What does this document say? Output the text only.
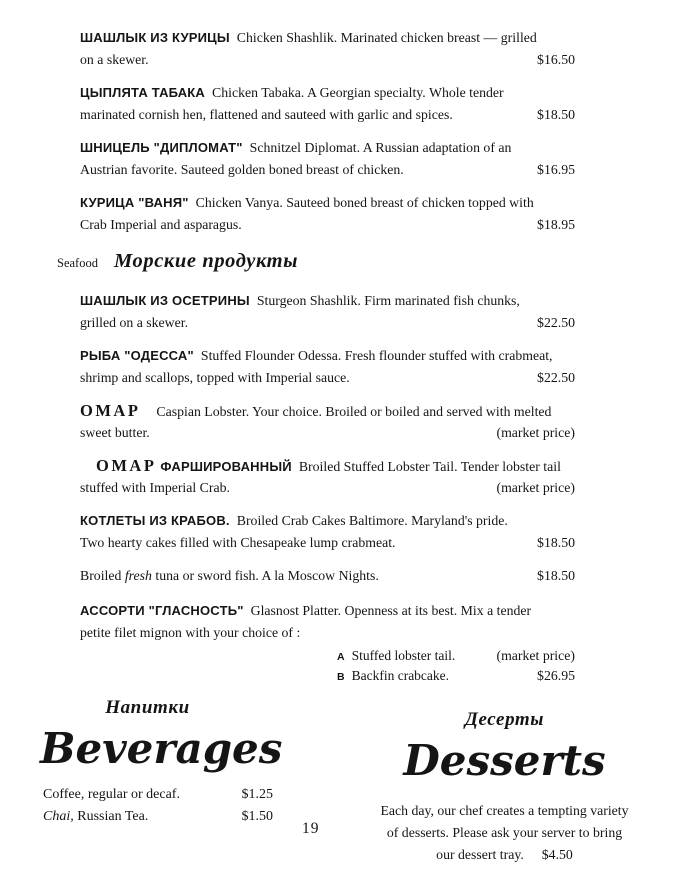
ШАШЛЫК ИЗ КУРИЦЫ Chicken Shashlik. Marinated chicken breast — grilled
on a skewer.	$16.50
ЦЫПЛЯТА ТАБАКА Chicken Tabaka. A Georgian specialty. Whole tender
marinated cornish hen, flattened and sauteed with garlic and spices.	$18.50
ШНИЦЕЛЬ "ДИПЛОМАТ" Schnitzel Diplomat. A Russian adaptation of an
Austrian favorite. Sauteed golden boned breast of chicken.	$16.95
КУРИЦА "ВАНЯ" Chicken Vanya. Sauteed boned breast of chicken topped with
Crab Imperial and asparagus.	$18.95
Seafood Морские продукты
ШАШЛЫК ИЗ ОСЕТРИНЫ Sturgeon Shashlik. Firm marinated fish chunks,
grilled on a skewer.	$22.50
РЫБА "ОДЕССА" Stuffed Flounder Odessa. Fresh flounder stuffed with crabmeat,
shrimp and scallops, topped with Imperial sauce.	$22.50
ОМАР Caspian Lobster. Your choice. Broiled or boiled and served with melted
sweet butter.	(market price)
ОМАР ФАРШИРОВАННЫЙ Broiled Stuffed Lobster Tail. Tender lobster tail
stuffed with Imperial Crab.	(market price)
КОТЛЕТЫ ИЗ КРАБОВ. Broiled Crab Cakes Baltimore. Maryland's pride.
Two hearty cakes filled with Chesapeake lump crabmeat.	$18.50
Broiled fresh tuna or sword fish. A la Moscow Nights.	$18.50
АССОРТИ "ГЛАСНОСТЬ" Glasnost Platter. Openness at its best. Mix a tender
petite filet mignon with your choice of :
A Stuffed lobster tail.	(market price)
B Backfin crabcake.	$26.95
Напитки
Beverages
Coffee, regular or decaf.	$1.25
Chai, Russian Tea.	$1.50
19
Десерты
Desserts
Each day, our chef creates a tempting variety
of desserts. Please ask your server to bring
our dessert tray. $4.50
